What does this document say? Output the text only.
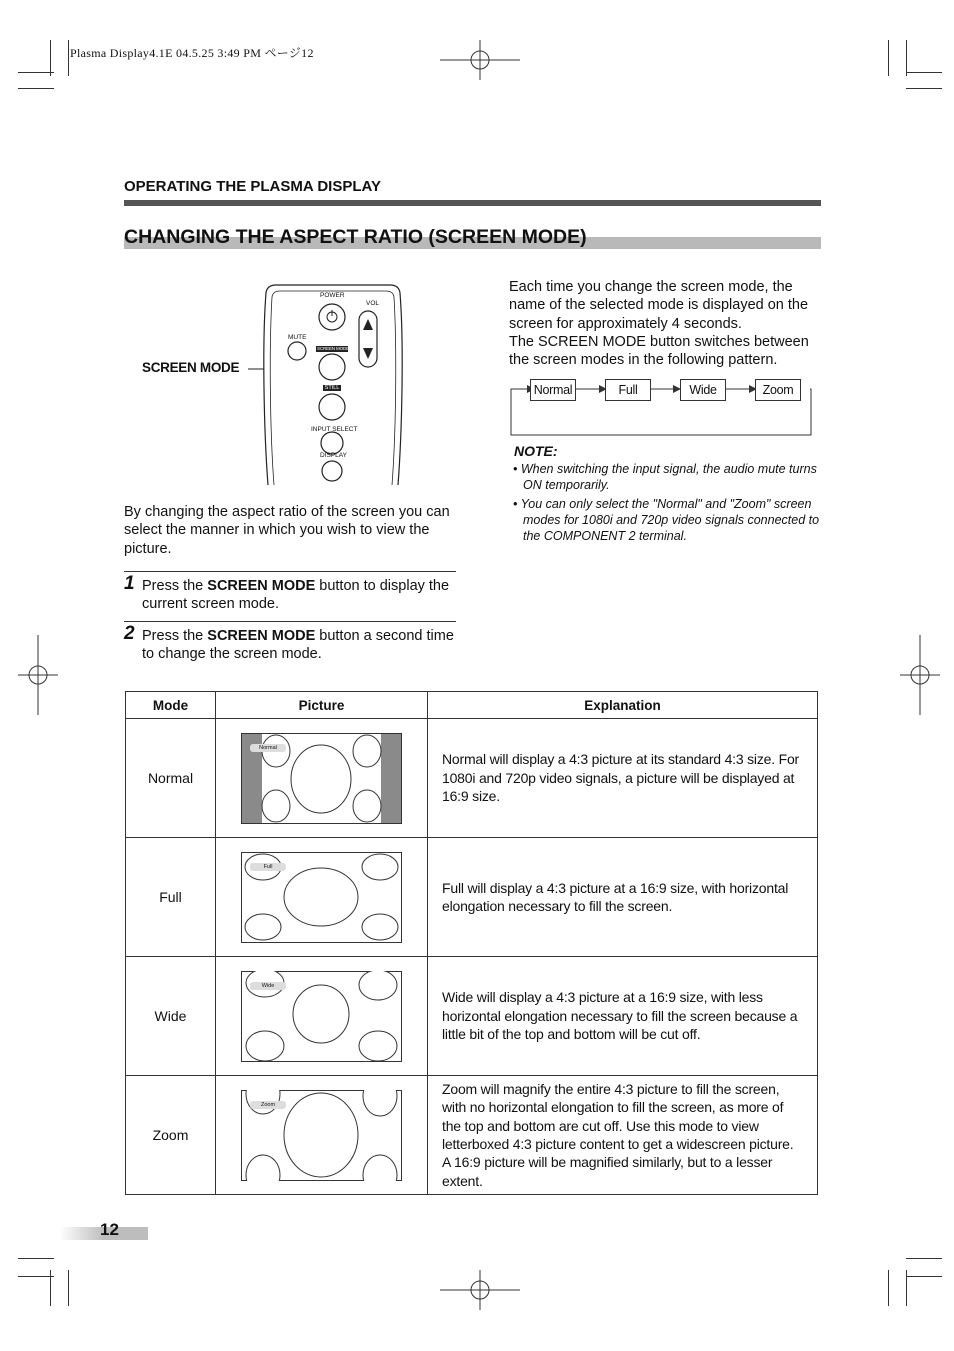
Plasma Display4.1E 04.5.25 3:49 PM ページ12
OPERATING THE PLASMA DISPLAY
CHANGING THE ASPECT RATIO (SCREEN MODE)
SCREEN MODE
POWER
VOL
MUTE
SCREEN MODE
STILL
INPUT SELECT
DISPLAY
By changing the aspect ratio of the screen you can select the manner in which you wish to view the picture.
1 Press the SCREEN MODE button to display the current screen mode.
2 Press the SCREEN MODE button a second time to change the screen mode.
Each time you change the screen mode, the name of the selected mode is displayed on the screen for approximately 4 seconds.
The SCREEN MODE button switches between the screen modes in the following pattern.
Normal	Full	Wide	Zoom
NOTE:
• When switching the input signal, the audio mute turns ON temporarily.
• You can only select the "Normal" and "Zoom" screen modes for 1080i and 720p video signals connected to the COMPONENT 2 terminal.
Mode	Picture	Explanation
Normal	Normal	Normal will display a 4:3 picture at its standard 4:3 size. For 1080i and 720p video signals, a picture will be displayed at 16:9 size.
Full	Full	Full will display a 4:3 picture at a 16:9 size, with horizontal elongation necessary to fill the screen.
Wide	Wide	Wide will display a 4:3 picture at a 16:9 size, with less horizontal elongation necessary to fill the screen because a little bit of the top and bottom will be cut off.
Zoom	Zoom	Zoom will magnify the entire 4:3 picture to fill the screen, with no horizontal elongation to fill the screen, as more of the top and bottom are cut off. Use this mode to view letterboxed 4:3 picture content to get a widescreen picture. A 16:9 picture will be magnified similarly, but to a lesser extent.
12
